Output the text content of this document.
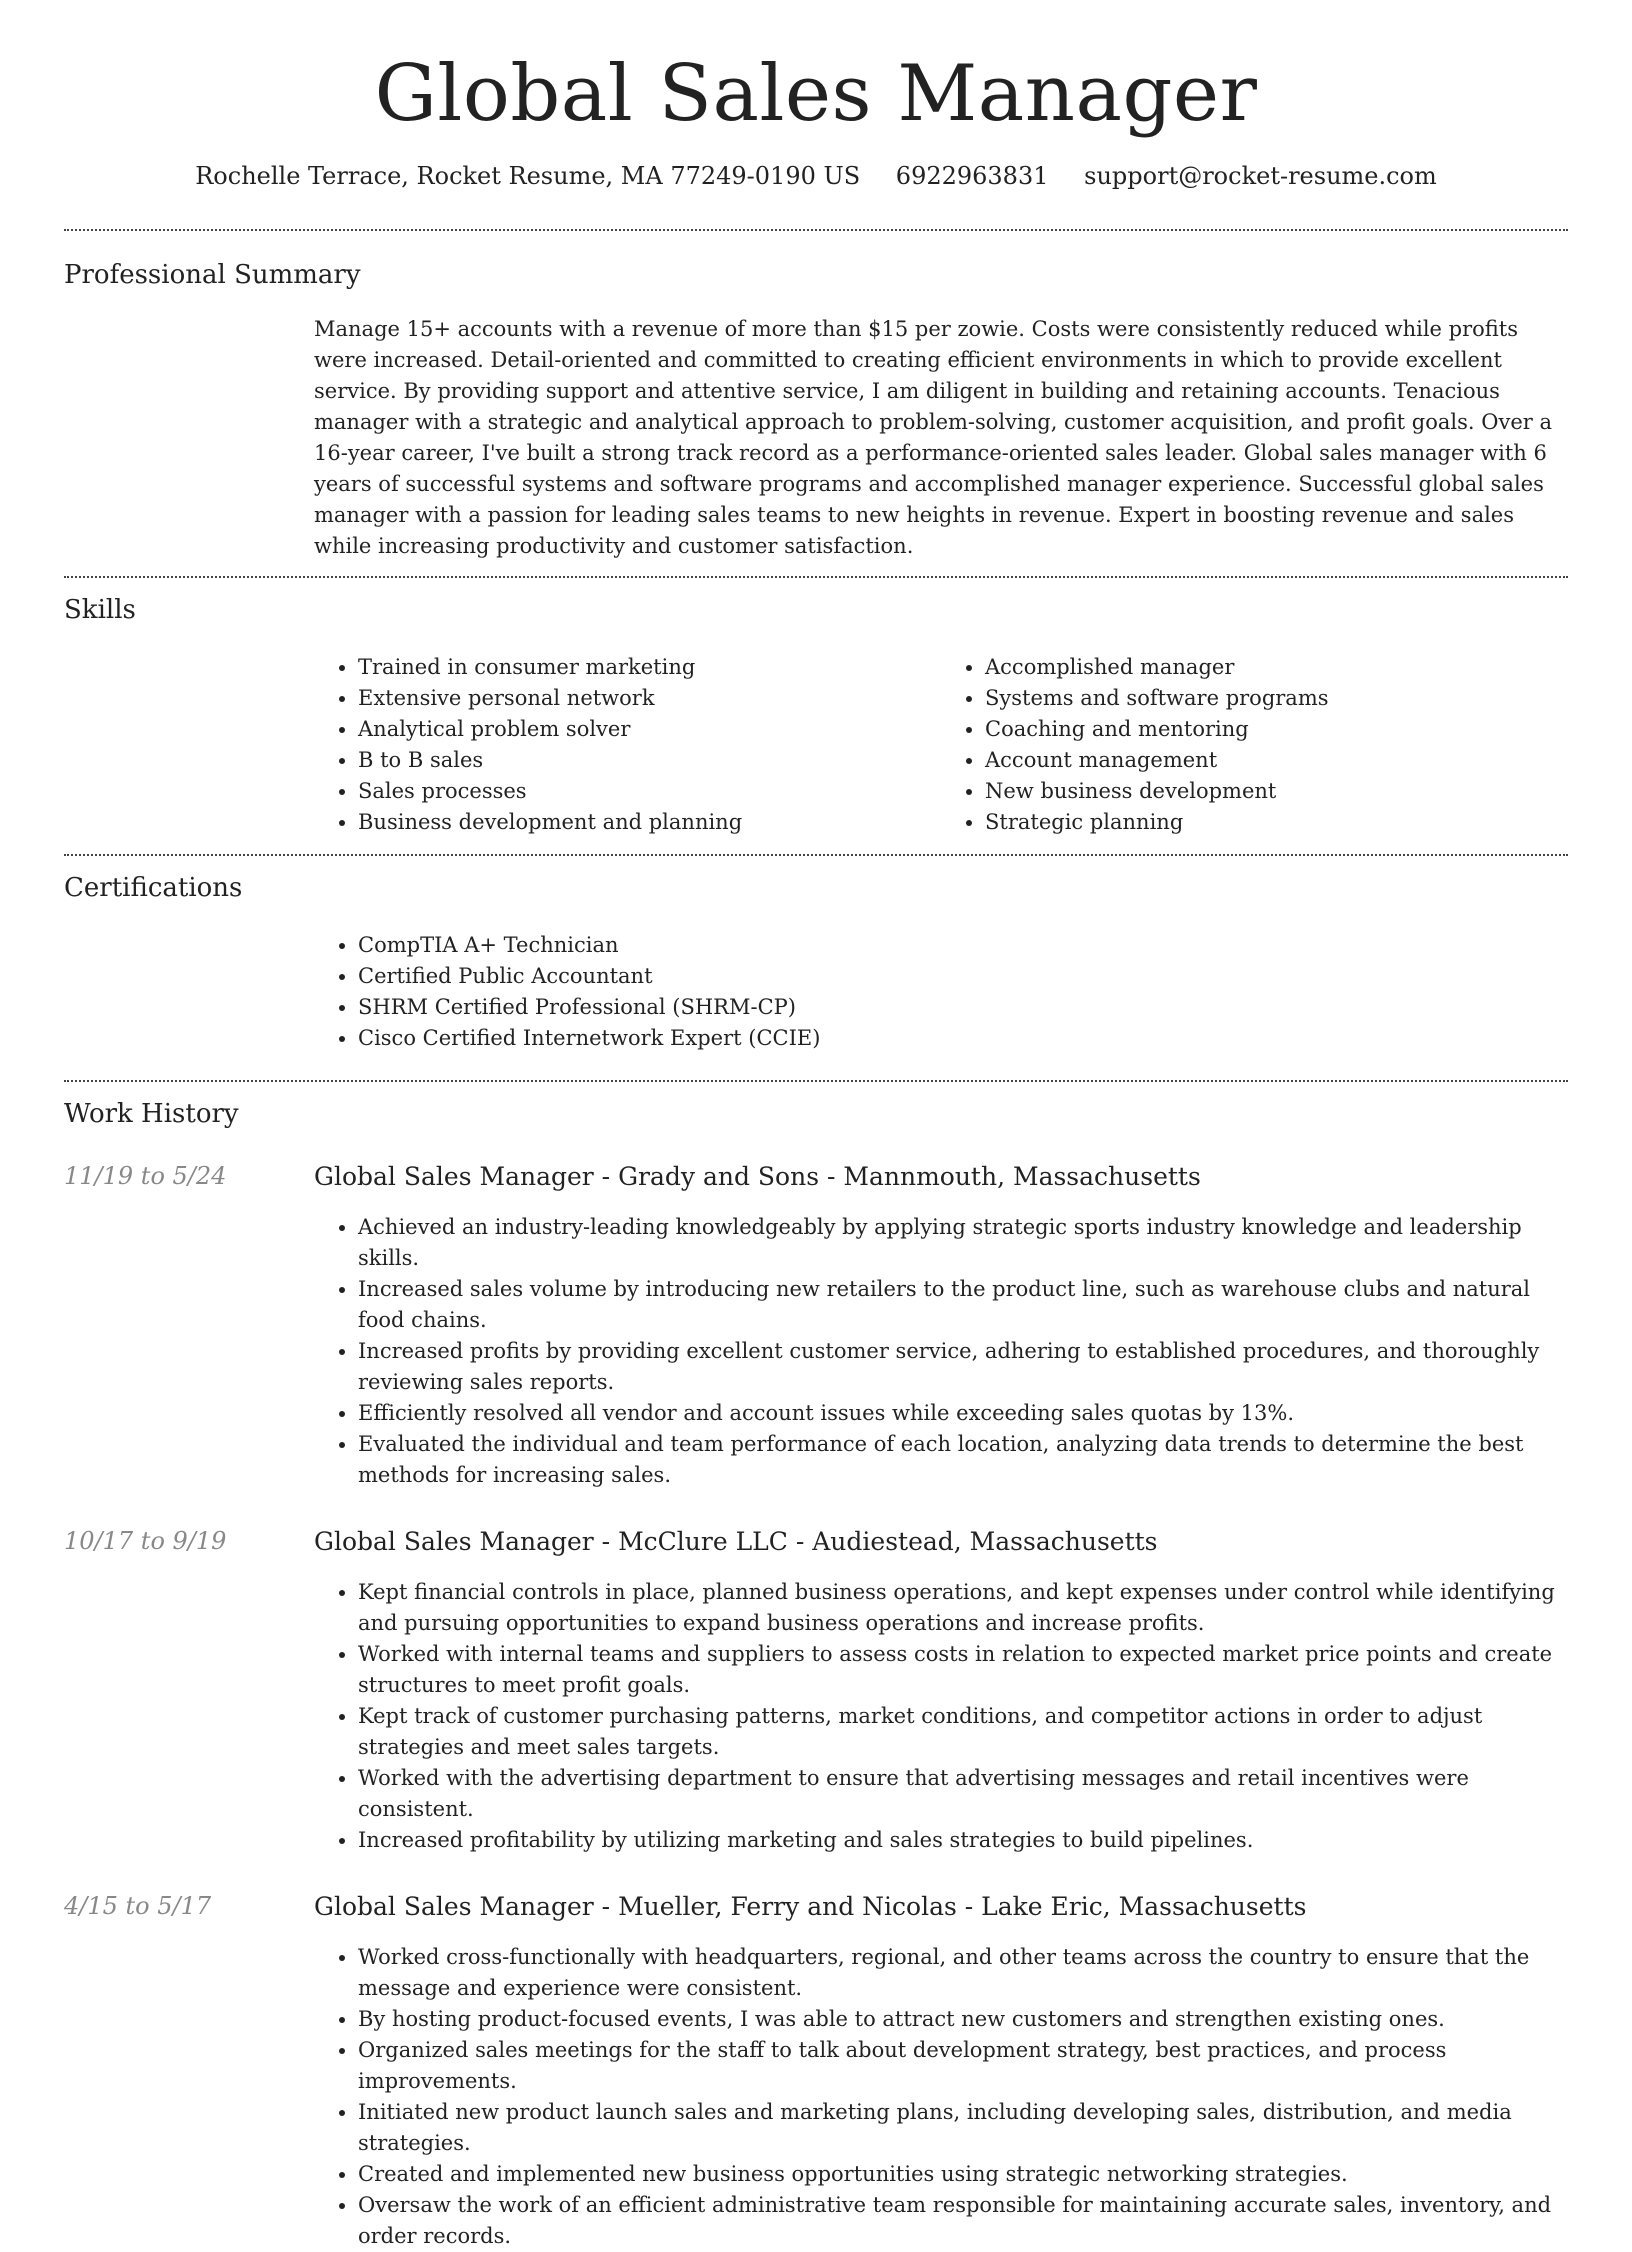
Global Sales Manager
Rochelle Terrace, Rocket Resume, MA 77249-0190 US 6922963831 support@rocket-resume.com
Professional Summary

Manage 15+ accounts with a revenue of more than $15 per zowie. Costs were consistently reduced while profits were increased. Detail-oriented and committed to creating efficient environments in which to provide excellent service. By providing support and attentive service, I am diligent in building and retaining accounts. Tenacious manager with a strategic and analytical approach to problem-solving, customer acquisition, and profit goals. Over a 16-year career, I've built a strong track record as a performance-oriented sales leader. Global sales manager with 6 years of successful systems and software programs and accomplished manager experience. Successful global sales manager with a passion for leading sales teams to new heights in revenue. Expert in boosting revenue and sales while increasing productivity and customer satisfaction.

Skills
• Trained in consumer marketing
• Extensive personal network
• Analytical problem solver
• B to B sales
• Sales processes
• Business development and planning
• Accomplished manager
• Systems and software programs
• Coaching and mentoring
• Account management
• New business development
• Strategic planning
Certifications
• CompTIA A+ Technician
• Certified Public Accountant
• SHRM Certified Professional (SHRM-CP)
• Cisco Certified Internetwork Expert (CCIE)
Work History
11/19 to 5/24	Global Sales Manager - Grady and Sons - Mannmouth, Massachusetts
• Achieved an industry-leading knowledgeably by applying strategic sports industry knowledge and leadership skills.
• Increased sales volume by introducing new retailers to the product line, such as warehouse clubs and natural food chains.
• Increased profits by providing excellent customer service, adhering to established procedures, and thoroughly reviewing sales reports.
• Efficiently resolved all vendor and account issues while exceeding sales quotas by 13%.
• Evaluated the individual and team performance of each location, analyzing data trends to determine the best methods for increasing sales.
10/17 to 9/19	Global Sales Manager - McClure LLC - Audiestead, Massachusetts
• Kept financial controls in place, planned business operations, and kept expenses under control while identifying and pursuing opportunities to expand business operations and increase profits.
• Worked with internal teams and suppliers to assess costs in relation to expected market price points and create structures to meet profit goals.
• Kept track of customer purchasing patterns, market conditions, and competitor actions in order to adjust strategies and meet sales targets.
• Worked with the advertising department to ensure that advertising messages and retail incentives were consistent.
• Increased profitability by utilizing marketing and sales strategies to build pipelines.
4/15 to 5/17	Global Sales Manager - Mueller, Ferry and Nicolas - Lake Eric, Massachusetts
• Worked cross-functionally with headquarters, regional, and other teams across the country to ensure that the message and experience were consistent.
• By hosting product-focused events, I was able to attract new customers and strengthen existing ones.
• Organized sales meetings for the staff to talk about development strategy, best practices, and process improvements.
• Initiated new product launch sales and marketing plans, including developing sales, distribution, and media strategies.
• Created and implemented new business opportunities using strategic networking strategies.
• Oversaw the work of an efficient administrative team responsible for maintaining accurate sales, inventory, and order records.
